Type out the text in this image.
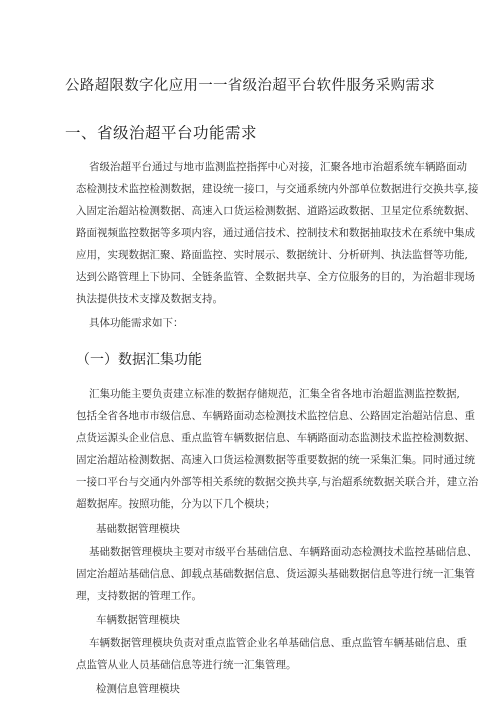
公路超限数字化应用一一省级治超平台软件服务采购需求
一、省级治超平台功能需求
省级治超平台通过与地市监测监控指挥中心对接，汇聚各地市治超系统车辆路面动
态检测技术监控检测数据，建设统一接口，与交通系统内外部单位数据进行交换共享,接
入固定治超站检测数据、高速入口货运检测数据、道路运政数据、卫星定位系统数据、
路面视频监控数据等多项内容，通过通信技术、控制技术和数据抽取技术在系统中集成
应用，实现数据汇聚、路面监控、实时展示、数据统计、分析研判、执法监督等功能,
达到公路管理上下协同、全链条监管、全数据共享、全方位服务的目的，为治超非现场
执法提供技术支撑及数据支持。
具体功能需求如下：
（一）数据汇集功能
汇集功能主要负责建立标准的数据存储规范，汇集全省各地市治超监测监控数据,
包括全省各地市市级信息、车辆路面动态检测技术监控信息、公路固定治超站信息、重
点货运源头企业信息、重点监管车辆数据信息、车辆路面动态监测技术监控检测数据、
固定治超站检测数据、高速入口货运检测数据等重要数据的统一采集汇集。同时通过统
一接口平台与交通内外部等相关系统的数据交换共享,与治超系统数据关联合并，建立治
超数据库。按照功能，分为以下几个模块；
基础数据管理模块
基础数据管理模块主要对市级平台基础信息、车辆路面动态检测技术监控基础信息、
固定治超站基础信息、卸载点基础数据信息、货运源头基础数据信息等进行统一汇集管
理，支持数据的管理工作。
车辆数据管理模块
车辆数据管理模块负责对重点监管企业名单基础信息、重点监管车辆基础信息、重
点监管从业人员基础信息等进行统一汇集管理。
检测信息管理模块
